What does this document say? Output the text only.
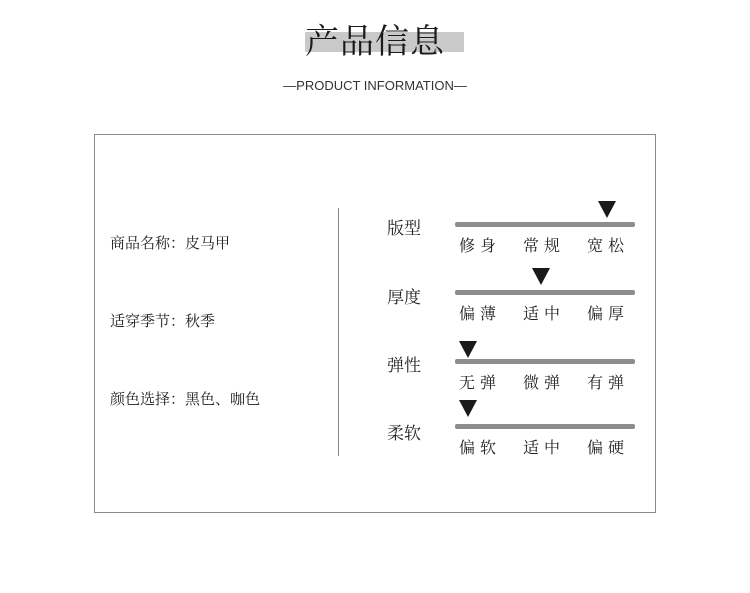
产品信息
—PRODUCT INFORMATION—
商品名称：皮马甲
适穿季节：秋季
颜色选择：黑色、咖色
版型
修身 常规 宽松
厚度
偏薄 适中 偏厚
弹性
无弹 微弹 有弹
柔软
偏软 适中 偏硬
